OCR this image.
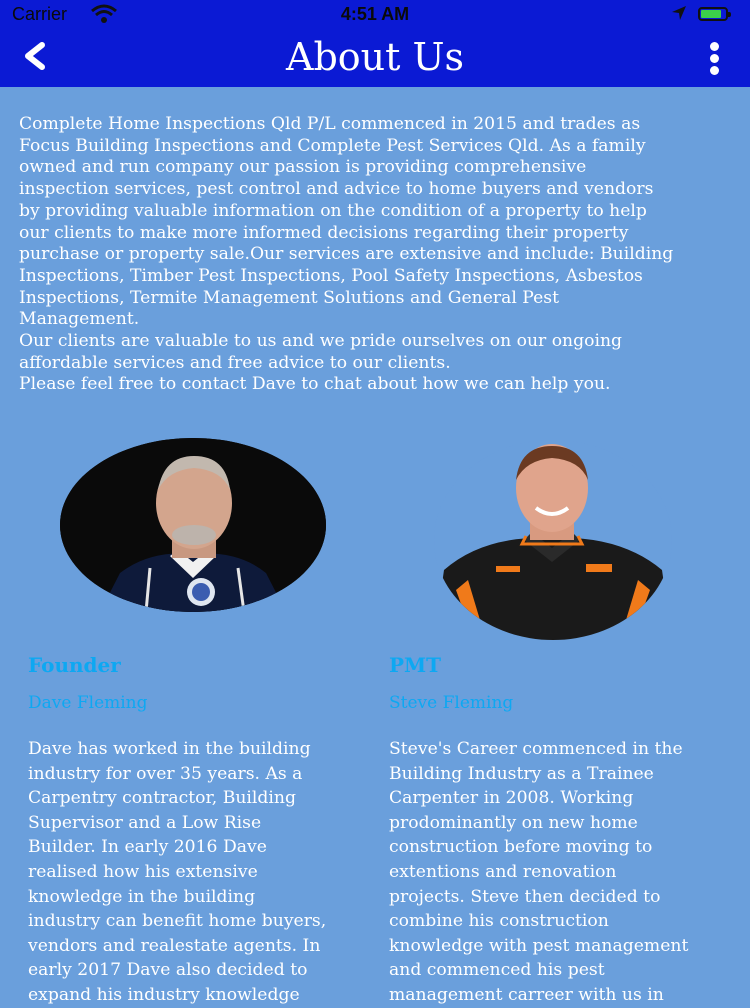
Carrier	4:51 AM
About Us
Complete Home Inspections Qld P/L commenced in 2015 and trades as
Focus Building Inspections and Complete Pest Services Qld. As a family
owned and run company our passion is providing comprehensive
inspection services, pest control and advice to home buyers and vendors
by providing valuable information on the condition of a property to help
our clients to make more informed decisions regarding their property
purchase or property sale.Our services are extensive and include: Building
Inspections, Timber Pest Inspections, Pool Safety Inspections, Asbestos
Inspections, Termite Management Solutions and General Pest
Management.
Our clients are valuable to us and we pride ourselves on our ongoing
affordable services and free advice to our clients.
Please feel free to contact Dave to chat about how we can help you.
Founder
Dave Fleming
Dave has worked in the building
industry for over 35 years. As a
Carpentry contractor, Building
Supervisor and a Low Rise
Builder. In early 2016 Dave
realised how his extensive
knowledge in the building
industry can benefit home buyers,
vendors and realestate agents. In
early 2017 Dave also decided to
expand his industry knowledge
PMT
Steve Fleming
Steve's Career commenced in the
Building Industry as a Trainee
Carpenter in 2008. Working
prodominantly on new home
construction before moving to
extentions and renovation
projects. Steve then decided to
combine his construction
knowledge with pest management
and commenced his pest
management carreer with us in
